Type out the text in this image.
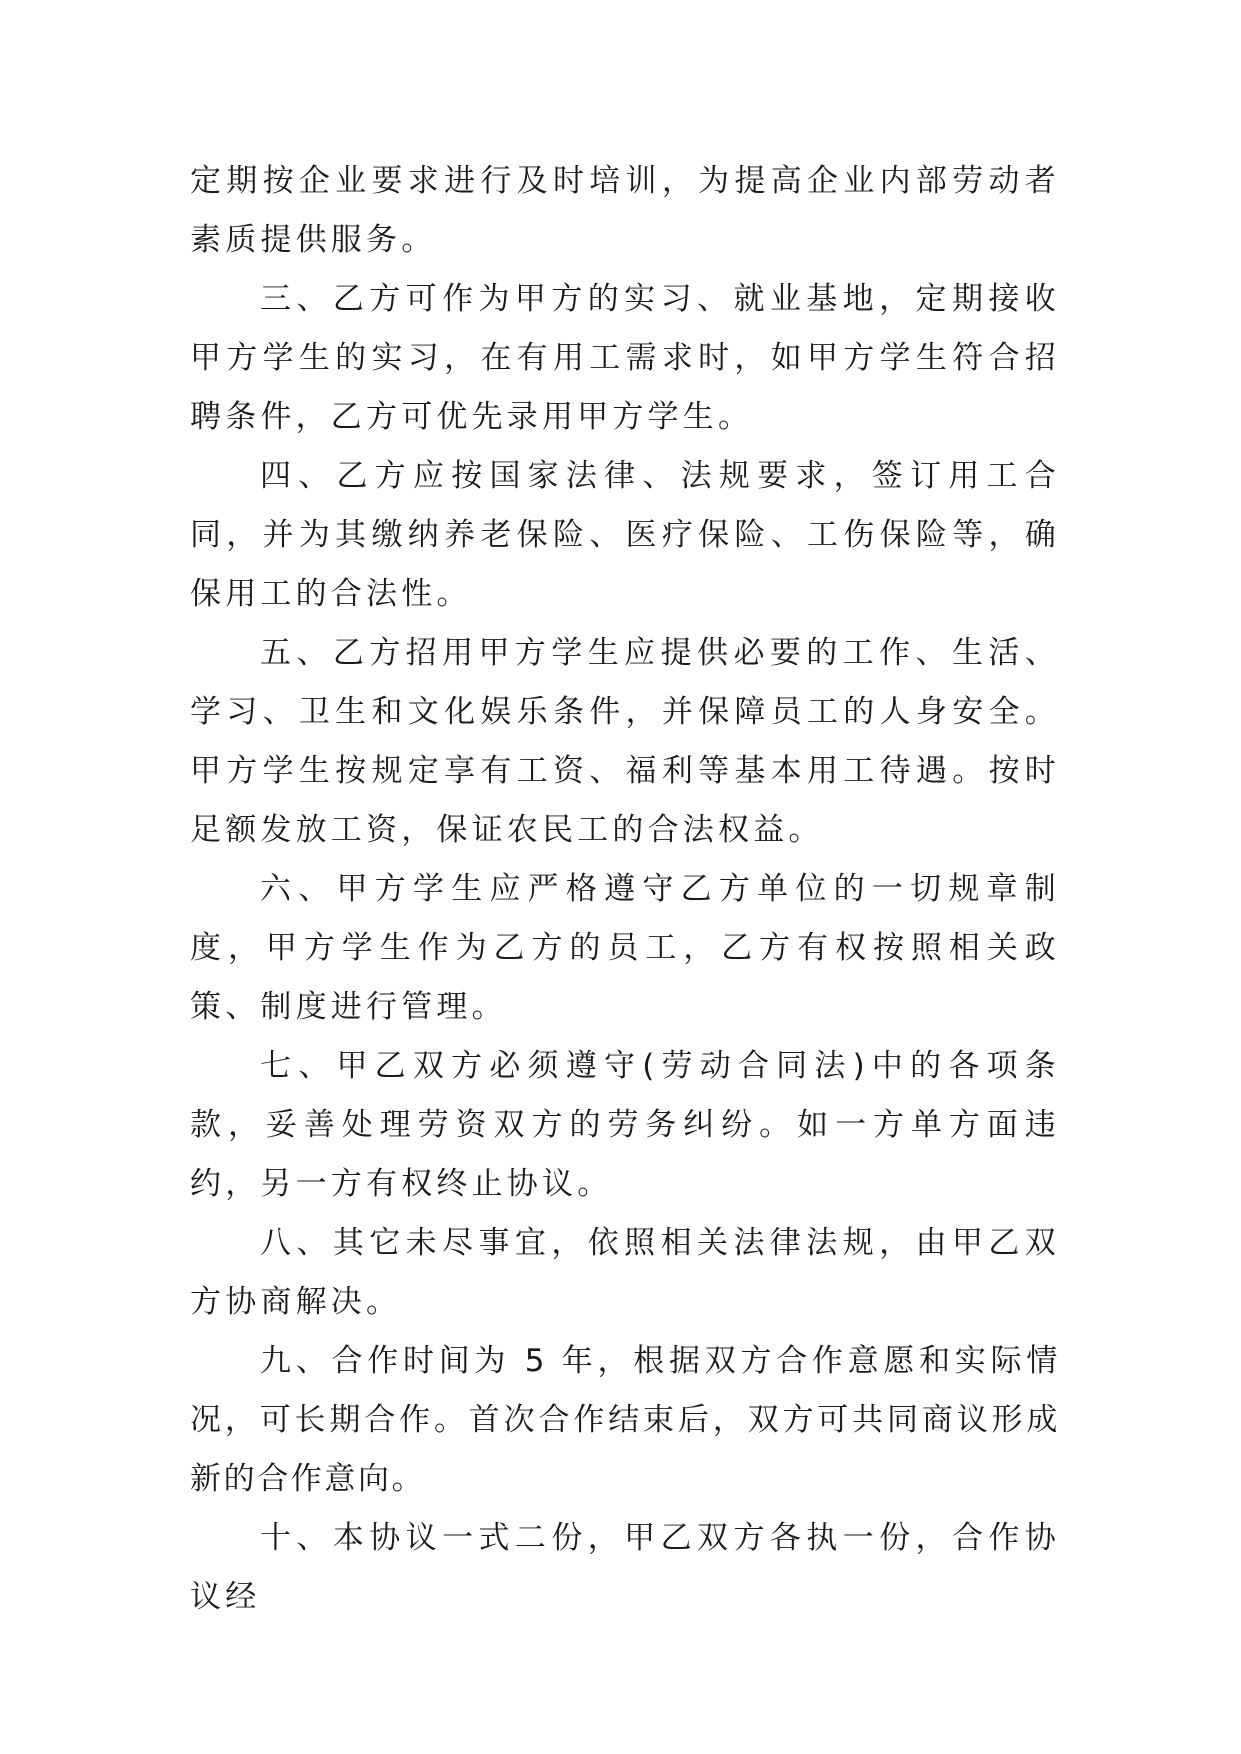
定期按企业要求进行及时培训，为提高企业内部劳动者素质提供服务。

三、乙方可作为甲方的实习、就业基地，定期接收甲方学生的实习，在有用工需求时，如甲方学生符合招聘条件，乙方可优先录用甲方学生。

四、乙方应按国家法律、法规要求，签订用工合同，并为其缴纳养老保险、医疗保险、工伤保险等，确保用工的合法性。

五、乙方招用甲方学生应提供必要的工作、生活、学习、卫生和文化娱乐条件，并保障员工的人身安全。甲方学生按规定享有工资、福利等基本用工待遇。按时足额发放工资，保证农民工的合法权益。

六、甲方学生应严格遵守乙方单位的一切规章制度，甲方学生作为乙方的员工，乙方有权按照相关政策、制度进行管理。

七、甲乙双方必须遵守(劳动合同法)中的各项条款，妥善处理劳资双方的劳务纠纷。如一方单方面违约，另一方有权终止协议。

八、其它未尽事宜，依照相关法律法规，由甲乙双方协商解决。

九、合作时间为 5 年，根据双方合作意愿和实际情况，可长期合作。首次合作结束后，双方可共同商议形成新的合作意向。

十、本协议一式二份，甲乙双方各执一份，合作协议经
